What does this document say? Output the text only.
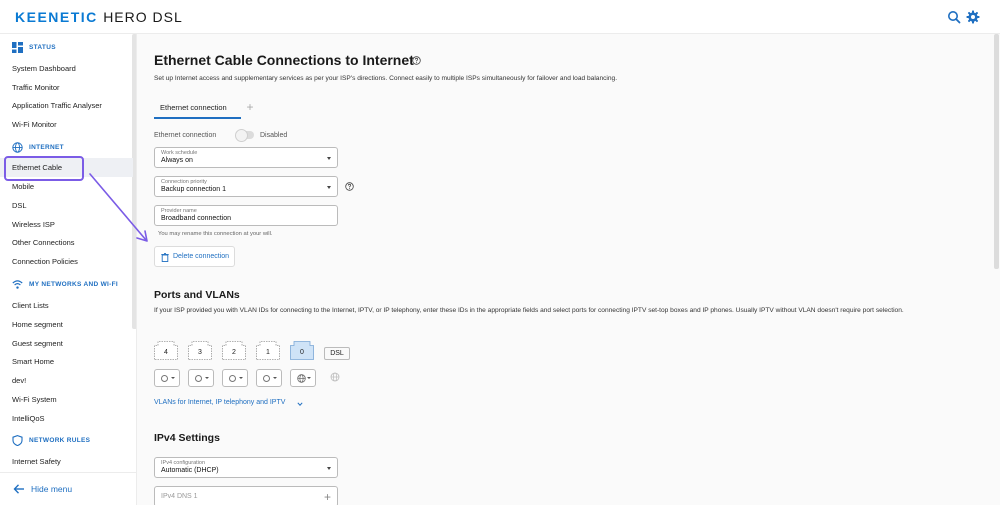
KEENETIC HERO DSL
STATUS
System Dashboard
Traffic Monitor
Application Traffic Analyser
Wi-Fi Monitor
INTERNET
Ethernet Cable
Mobile
DSL
Wireless ISP
Other Connections
Connection Policies
MY NETWORKS AND WI-FI
Client Lists
Home segment
Guest segment
Smart Home
dev!
Wi-Fi System
IntelliQoS
NETWORK RULES
Internet Safety
Hide menu
Ethernet Cable Connections to Internet
Set up Internet access and supplementary services as per your ISP's directions. Connect easily to multiple ISPs simultaneously for failover and load balancing.
Ethernet connection	+
Ethernet connection	Disabled
Work schedule
Always on
Connection priority
Backup connection 1
Provider name
Broadband connection
You may rename this connection at your will.
Delete connection
Ports and VLANs
If your ISP provided you with VLAN IDs for connecting to the Internet, IPTV, or IP telephony, enter these IDs in the appropriate fields and select ports for connecting IPTV set-top boxes and IP phones. Usually IPTV without VLAN doesn't require port selection.
4	3	2	1	0	DSL
VLANs for Internet, IP telephony and IPTV
IPv4 Settings
IPv4 configuration
Automatic (DHCP)
IPv4 DNS 1	+
